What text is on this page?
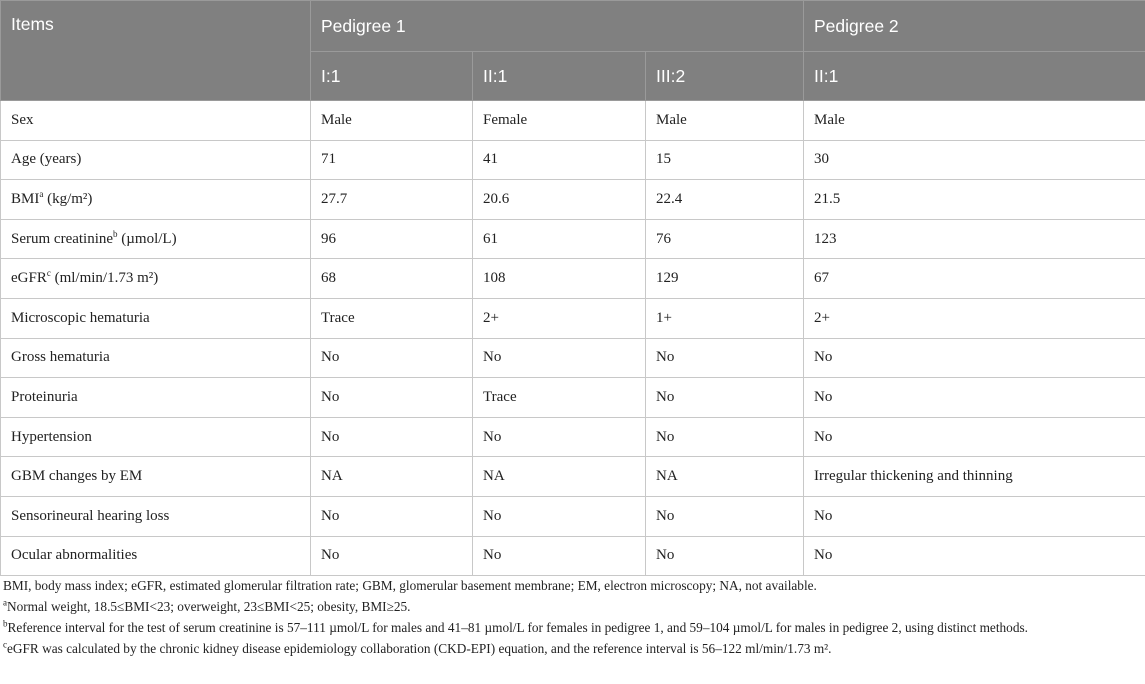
Items	Pedigree 1			Pedigree 2
	I:1	II:1	III:2	II:1
Sex	Male	Female	Male	Male
Age (years)	71	41	15	30
BMI$^a$ (kg/m²)	27.7	20.6	22.4	21.5
Serum creatinine$^b$ (µmol/L)	96	61	76	123
eGFR$^c$ (ml/min/1.73 m²)	68	108	129	67
Microscopic hematuria	Trace	2+	1+	2+
Gross hematuria	No	No	No	No
Proteinuria	No	Trace	No	No
Hypertension	No	No	No	No
GBM changes by EM	NA	NA	NA	Irregular thickening and thinning
Sensorineural hearing loss	No	No	No	No
Ocular abnormalities	No	No	No	No

BMI, body mass index; eGFR, estimated glomerular filtration rate; GBM, glomerular basement membrane; EM, electron microscopy; NA, not available.

$^a$Normal weight, 18.5≤BMI<23; overweight, 23≤BMI<25; obesity, BMI≥25.

$^b$Reference interval for the test of serum creatinine is 57–111 µmol/L for males and 41–81 µmol/L for females in pedigree 1, and 59–104 µmol/L for males in pedigree 2, using distinct methods.

$^c$eGFR was calculated by the chronic kidney disease epidemiology collaboration (CKD-EPI) equation, and the reference interval is 56–122 ml/min/1.73 m².
